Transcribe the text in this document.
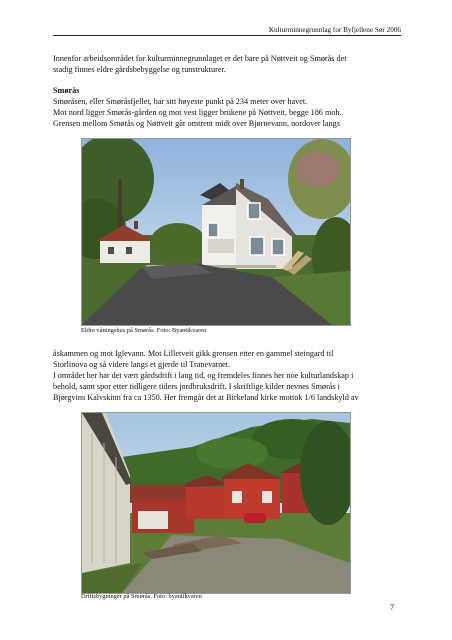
Kulturminnegrunnlag for Byfjellene Sør 2006

Innenfor arbeidsområdet for kulturminnegrunnlaget er det bare på Nøttveit og Smørås det
stadig finnes eldre gårdsbebyggelse og tunstrukturer.

Smørås

Smøråsen, eller Smøråsfjellet, har sitt høyeste punkt på 234 meter over havet.
Mot nord ligger Smørås-gården og mot vest ligger brukene på Nøttveit, begge 186 moh.
Grensen mellom Smørås og Nøttveit går omtrent midt over Bjørnevann, nordover langs

Eldre våningshus på Smørås. Foto: Byantikvaren

åskammen og mot Iglevann. Mot Lilletveit gikk grensen etter en gammel steingard til
Storlinova og så videre langs et gjerde til Tranevatnet.
I området her har det vært gårdsdrift i lang tid, og fremdeles finnes her noe kulturlandskap i
behold, samt spor etter tidligere tiders jordbruksdrift. I skriftlige kilder nevnes Smørås i
Bjørgvins Kalvskinn fra ca 1350. Her fremgår det at Birkeland kirke mottok 1/6 landskyld av

Driftsbygninger på Smørås. Foto: byantikvaren
7
